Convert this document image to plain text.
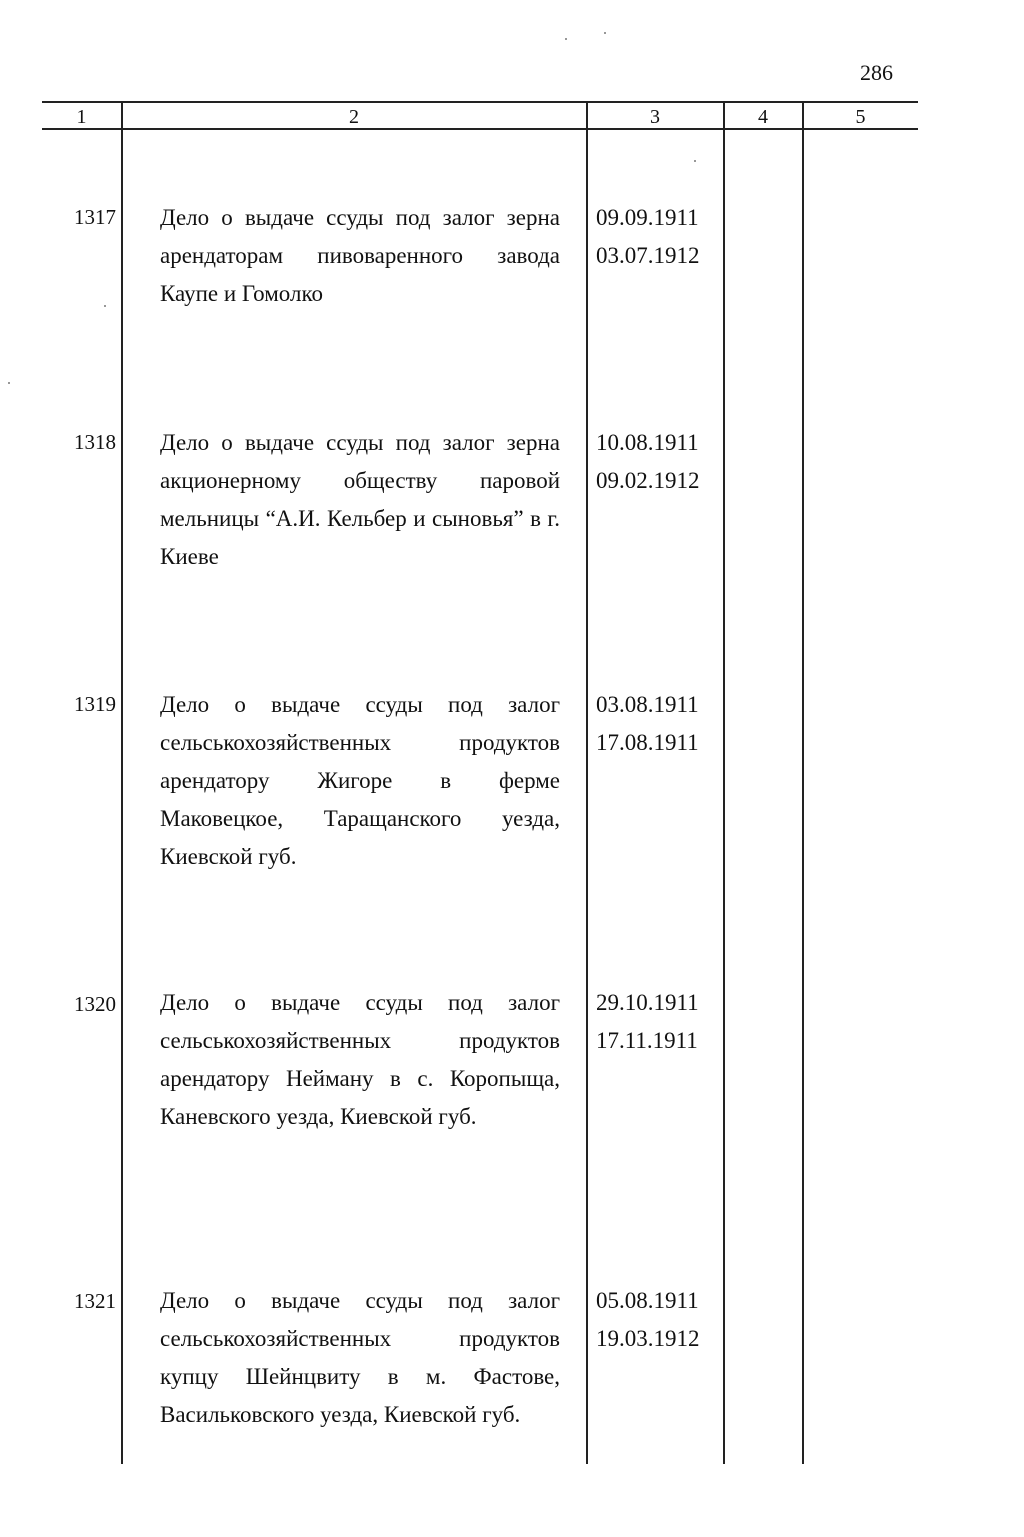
286
1	2	3	4	5
1317 Дело о выдаче ссуды под залог зерна арендаторам пивоваренного завода Каупе и Гомолко
09.09.1911
03.07.1912
1318 Дело о выдаче ссуды под залог зерна акционерному обществу паровой мельницы “А.И. Кельбер и сыновья” в г. Киеве
10.08.1911
09.02.1912
1319 Дело о выдаче ссуды под залог сельськохозяйственных продуктов арендатору Жигоре в ферме Маковецкое, Таращанского уезда, Киевской губ.
03.08.1911
17.08.1911
1320 Дело о выдаче ссуды под залог сельськохозяйственных продуктов арендатору Нейману в с. Коропыща, Каневского уезда, Киевской губ.
29.10.1911
17.11.1911
1321 Дело о выдаче ссуды под залог сельськохозяйственных продуктов купцу Шейнцвиту в м. Фастове, Васильковского уезда, Киевской губ.
05.08.1911
19.03.1912
